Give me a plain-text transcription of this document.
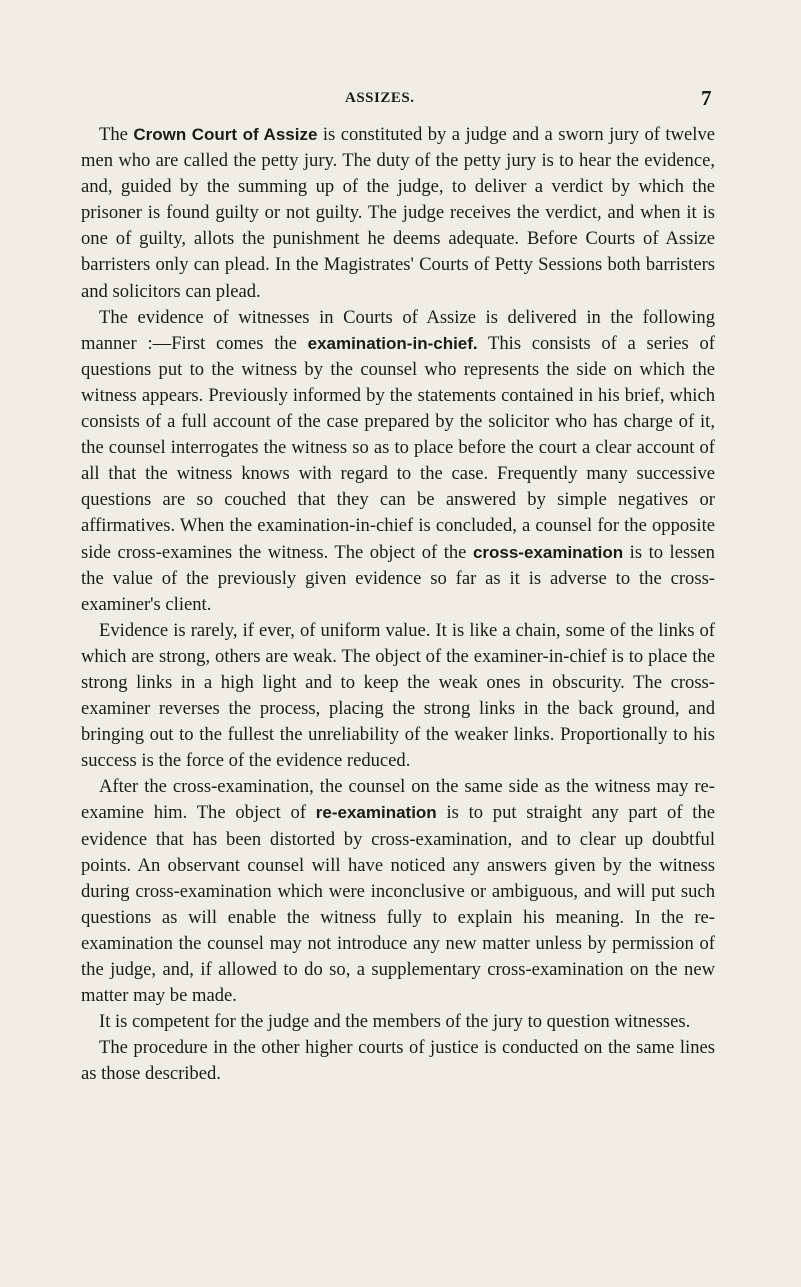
ASSIZES.	7

The Crown Court of Assize is constituted by a judge and a sworn jury of twelve men who are called the petty jury. The duty of the petty jury is to hear the evidence, and, guided by the summing up of the judge, to deliver a verdict by which the prisoner is found guilty or not guilty. The judge receives the verdict, and when it is one of guilty, allots the punishment he deems adequate. Before Courts of Assize barristers only can plead. In the Magistrates' Courts of Petty Sessions both barristers and solicitors can plead.

The evidence of witnesses in Courts of Assize is delivered in the following manner :—First comes the examination-in-chief. This consists of a series of questions put to the witness by the counsel who represents the side on which the witness appears. Previously informed by the statements contained in his brief, which consists of a full account of the case prepared by the solicitor who has charge of it, the counsel interrogates the witness so as to place before the court a clear account of all that the witness knows with regard to the case. Frequently many successive questions are so couched that they can be answered by simple negatives or affirmatives. When the examination-in-chief is concluded, a counsel for the opposite side cross-examines the witness. The object of the cross-examination is to lessen the value of the previously given evidence so far as it is adverse to the cross-examiner's client.

Evidence is rarely, if ever, of uniform value. It is like a chain, some of the links of which are strong, others are weak. The object of the examiner-in-chief is to place the strong links in a high light and to keep the weak ones in obscurity. The cross-examiner reverses the process, placing the strong links in the back ground, and bringing out to the fullest the unreliability of the weaker links. Proportionally to his success is the force of the evidence reduced.

After the cross-examination, the counsel on the same side as the witness may re-examine him. The object of re-examination is to put straight any part of the evidence that has been distorted by cross-examination, and to clear up doubtful points. An observant counsel will have noticed any answers given by the witness during cross-examination which were inconclusive or ambiguous, and will put such questions as will enable the witness fully to explain his meaning. In the re-examination the counsel may not introduce any new matter unless by permission of the judge, and, if allowed to do so, a supplementary cross-examination on the new matter may be made.

It is competent for the judge and the members of the jury to question witnesses.

The procedure in the other higher courts of justice is conducted on the same lines as those described.
